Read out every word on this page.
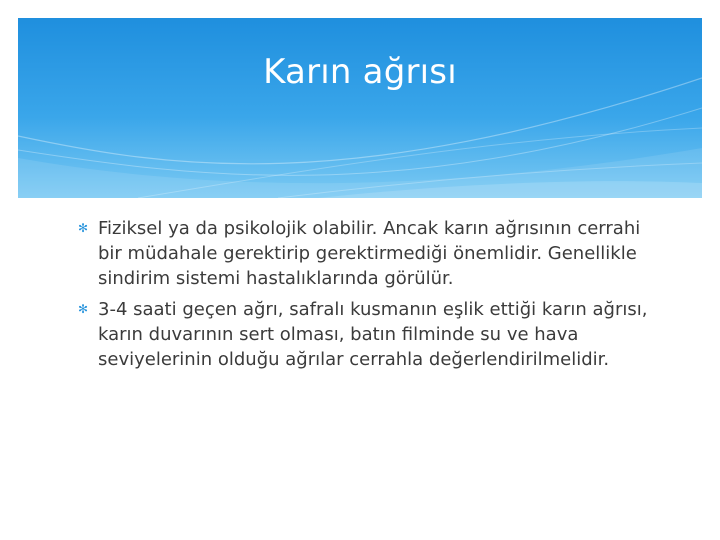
Karın ağrısı
✻ Fiziksel ya da psikolojik olabilir. Ancak karın ağrısının cerrahi bir müdahale gerektirip gerektirmediği önemlidir. Genellikle sindirim sistemi hastalıklarında görülür.
✻ 3-4 saati geçen ağrı, safralı kusmanın eşlik ettiği karın ağrısı, karın duvarının sert olması, batın filminde su ve hava seviyelerinin olduğu ağrılar cerrahla değerlendirilmelidir.
